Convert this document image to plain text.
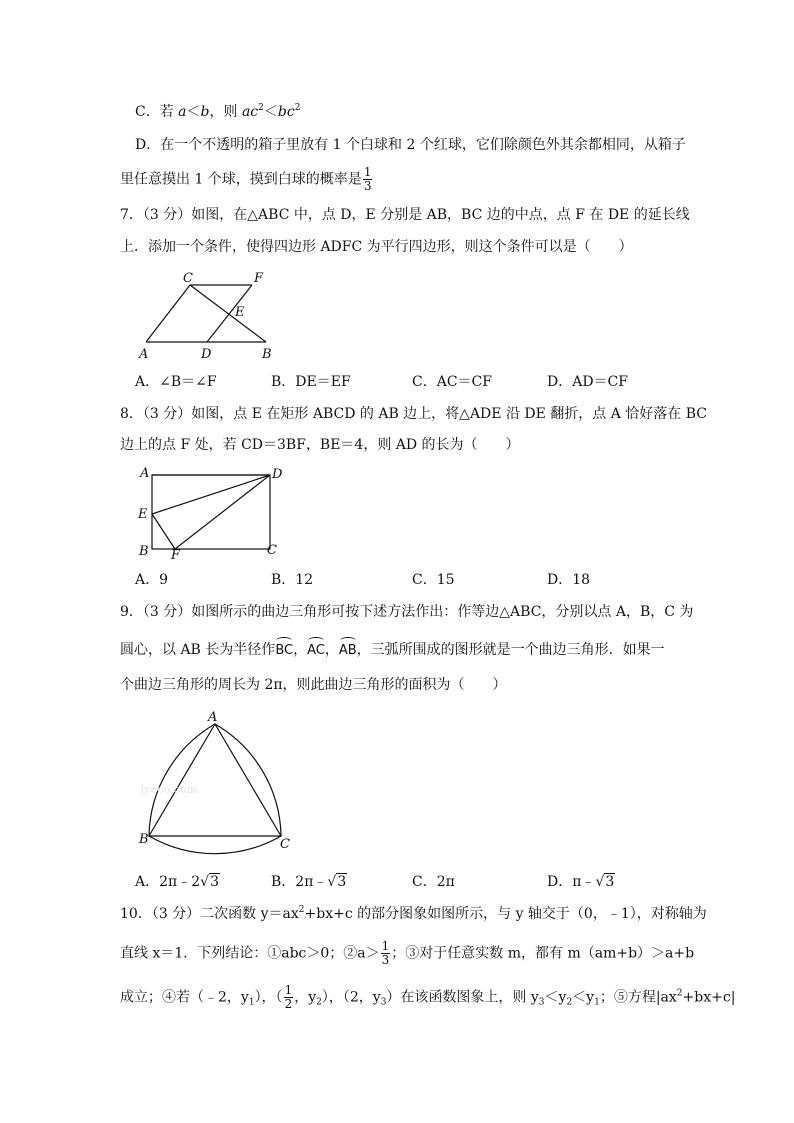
C．若 a＜b，则 $ac^2<bc^2$
D．在一个不透明的箱子里放有 1 个白球和 2 个红球，它们除颜色外其余都相同，从箱子
里任意摸出 1 个球，摸到白球的概率是 $\frac{1}{3}$
7．（3 分）如图，在△ABC 中，点 D，E 分别是 AB，BC 边的中点，点 F 在 DE 的延长线
上．添加一个条件，使得四边形 ADFC 为平行四边形，则这个条件可以是（　　）
C	F
E
A	D	B
A．∠B＝∠F	B．DE＝EF	C．AC＝CF	D．AD＝CF
8．（3 分）如图，点 E 在矩形 ABCD 的 AB 边上，将△ADE 沿 DE 翻折，点 A 恰好落在 BC
边上的点 F 处，若 CD＝3BF，BE＝4，则 AD 的长为（　　）
A	D
E
B F	C
A．9	B．12	C．15	D．18
9．（3 分）如图所示的曲边三角形可按下述方法作出：作等边△ABC，分别以点 A，B，C 为
圆心，以 AB 长为半径作BC，AC，AB，三弧所围成的图形就是一个曲边三角形．如果一
个曲边三角形的周长为 2π，则此曲边三角形的面积为（　　）
Jyeoo.com
A
B	C
A．2π﹣2√3	B．2π﹣√3	C．2π	D．π﹣√3
10．（3 分）二次函数 $y=ax^2+bx+c$ 的部分图象如图所示，与 y 轴交于（0，﹣1），对称轴为
直线 x＝1．下列结论：①abc＞0；②a＞ $\frac{1}{3}$ ；③对于任意实数 m，都有 m（am+b）＞a+b
成立；④若（﹣2，$y_1$），（ $\frac{1}{2}$ ，$y_2$），（2，$y_3$）在该函数图象上，则 $y_3<y_2<y_1$；⑤方程$|ax^2+bx+c|$
